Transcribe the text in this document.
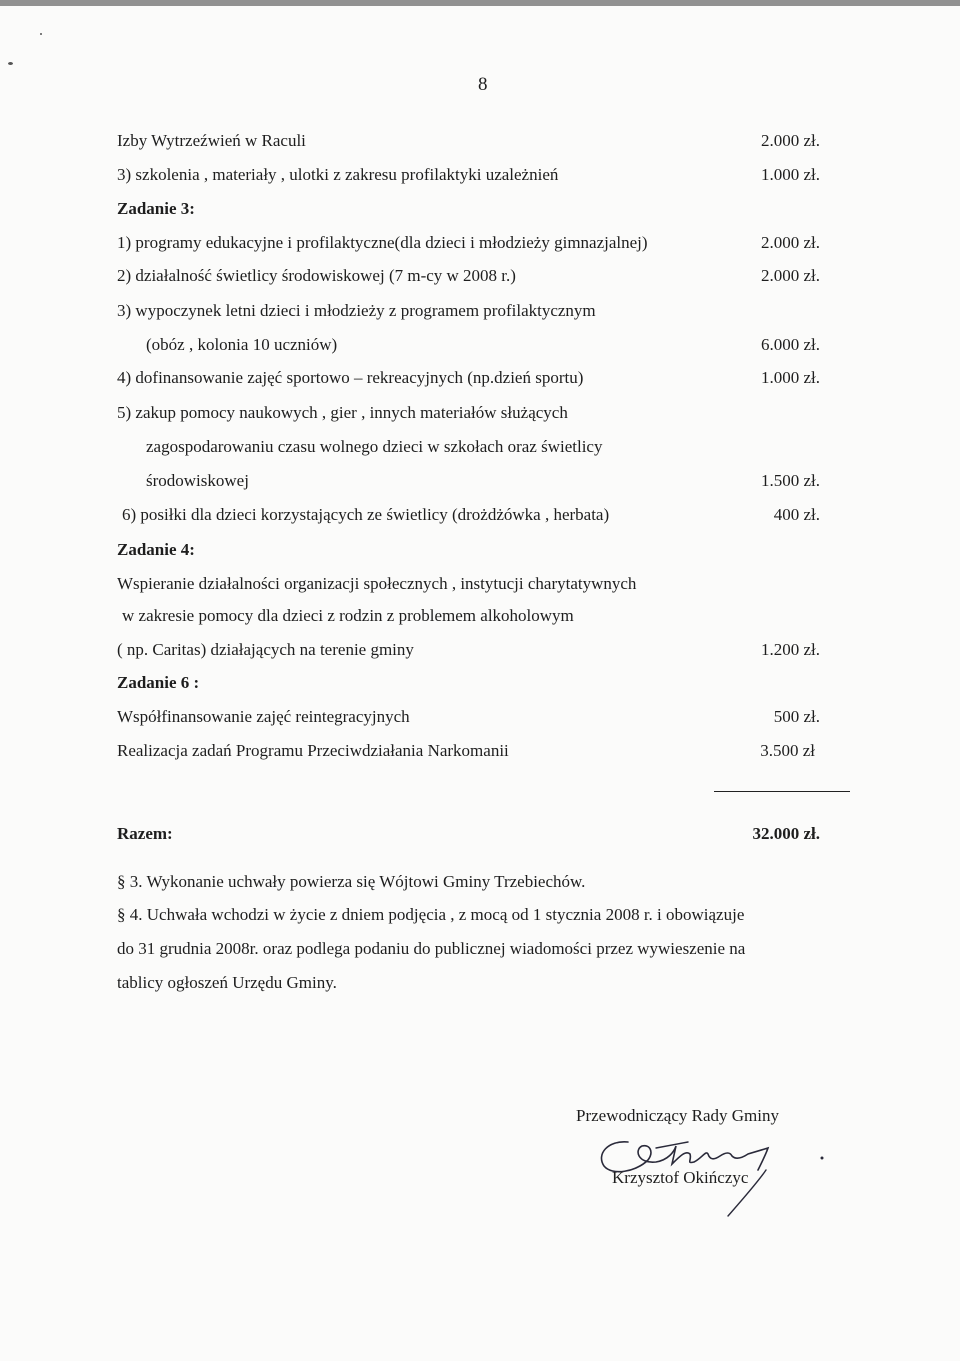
8
Izby Wytrzeźwień w Raculi	2.000 zł.
3) szkolenia , materiały , ulotki z zakresu profilaktyki uzależnień	1.000 zł.
Zadanie 3:
1) programy edukacyjne i profilaktyczne(dla dzieci i młodzieży gimnazjalnej)	2.000 zł.
2) działalność świetlicy środowiskowej (7 m-cy w 2008 r.)	2.000 zł.
3) wypoczynek letni dzieci i młodzieży z programem profilaktycznym
(obóz , kolonia 10 uczniów)	6.000 zł.
4) dofinansowanie zajęć sportowo – rekreacyjnych (np.dzień sportu)	1.000 zł.
5) zakup pomocy naukowych , gier , innych materiałów służących
zagospodarowaniu czasu wolnego dzieci w szkołach oraz świetlicy
środowiskowej	1.500 zł.
6) posiłki dla dzieci korzystających ze świetlicy (drożdżówka , herbata)	400 zł.
Zadanie 4:
Wspieranie działalności organizacji społecznych , instytucji charytatywnych
w zakresie pomocy dla dzieci z rodzin z problemem alkoholowym
( np. Caritas) działających na terenie gminy	1.200 zł.
Zadanie 6 :
Współfinansowanie zajęć reintegracyjnych	500 zł.
Realizacja zadań Programu Przeciwdziałania Narkomanii	3.500 zł
Razem:	32.000 zł.
§ 3. Wykonanie uchwały powierza się Wójtowi Gminy Trzebiechów.
§ 4. Uchwała wchodzi w życie z dniem podjęcia , z mocą od 1 stycznia 2008 r. i obowiązuje
do 31 grudnia 2008r. oraz podlega podaniu do publicznej wiadomości przez wywieszenie na
tablicy ogłoszeń Urzędu Gminy.
Przewodniczący Rady Gminy
Krzysztof Okińczyc
